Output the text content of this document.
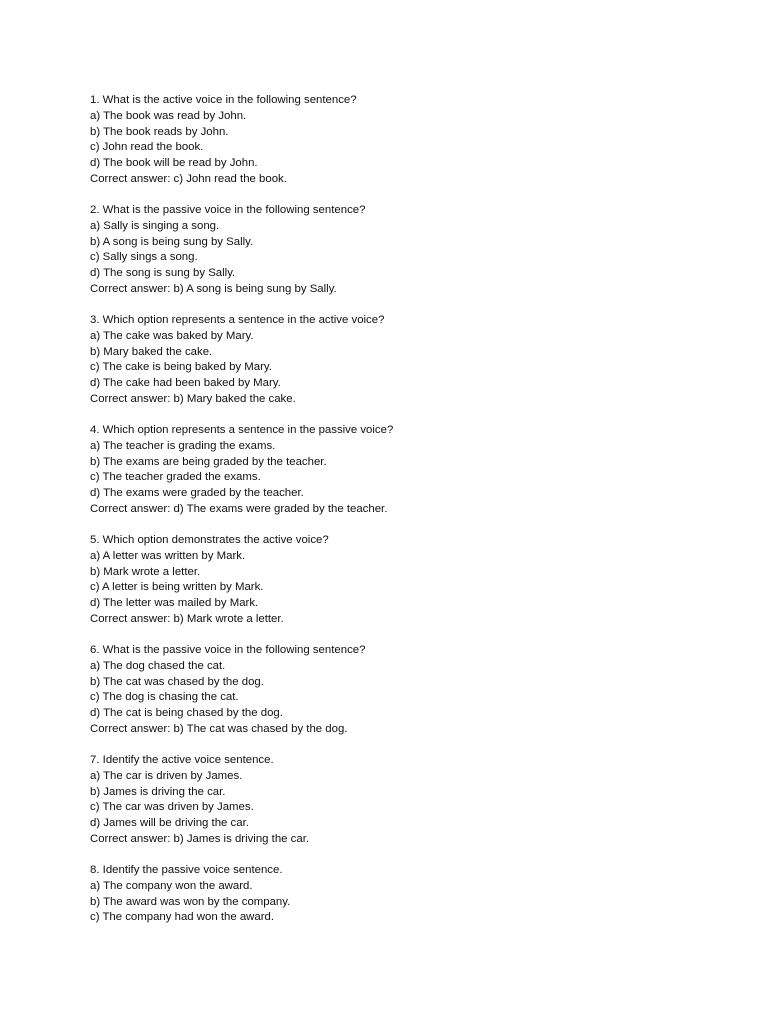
1. What is the active voice in the following sentence?
a) The book was read by John.
b) The book reads by John.
c) John read the book.
d) The book will be read by John.
Correct answer: c) John read the book.
2. What is the passive voice in the following sentence?
a) Sally is singing a song.
b) A song is being sung by Sally.
c) Sally sings a song.
d) The song is sung by Sally.
Correct answer: b) A song is being sung by Sally.
3. Which option represents a sentence in the active voice?
a) The cake was baked by Mary.
b) Mary baked the cake.
c) The cake is being baked by Mary.
d) The cake had been baked by Mary.
Correct answer: b) Mary baked the cake.
4. Which option represents a sentence in the passive voice?
a) The teacher is grading the exams.
b) The exams are being graded by the teacher.
c) The teacher graded the exams.
d) The exams were graded by the teacher.
Correct answer: d) The exams were graded by the teacher.
5. Which option demonstrates the active voice?
a) A letter was written by Mark.
b) Mark wrote a letter.
c) A letter is being written by Mark.
d) The letter was mailed by Mark.
Correct answer: b) Mark wrote a letter.
6. What is the passive voice in the following sentence?
a) The dog chased the cat.
b) The cat was chased by the dog.
c) The dog is chasing the cat.
d) The cat is being chased by the dog.
Correct answer: b) The cat was chased by the dog.
7. Identify the active voice sentence.
a) The car is driven by James.
b) James is driving the car.
c) The car was driven by James.
d) James will be driving the car.
Correct answer: b) James is driving the car.
8. Identify the passive voice sentence.
a) The company won the award.
b) The award was won by the company.
c) The company had won the award.
